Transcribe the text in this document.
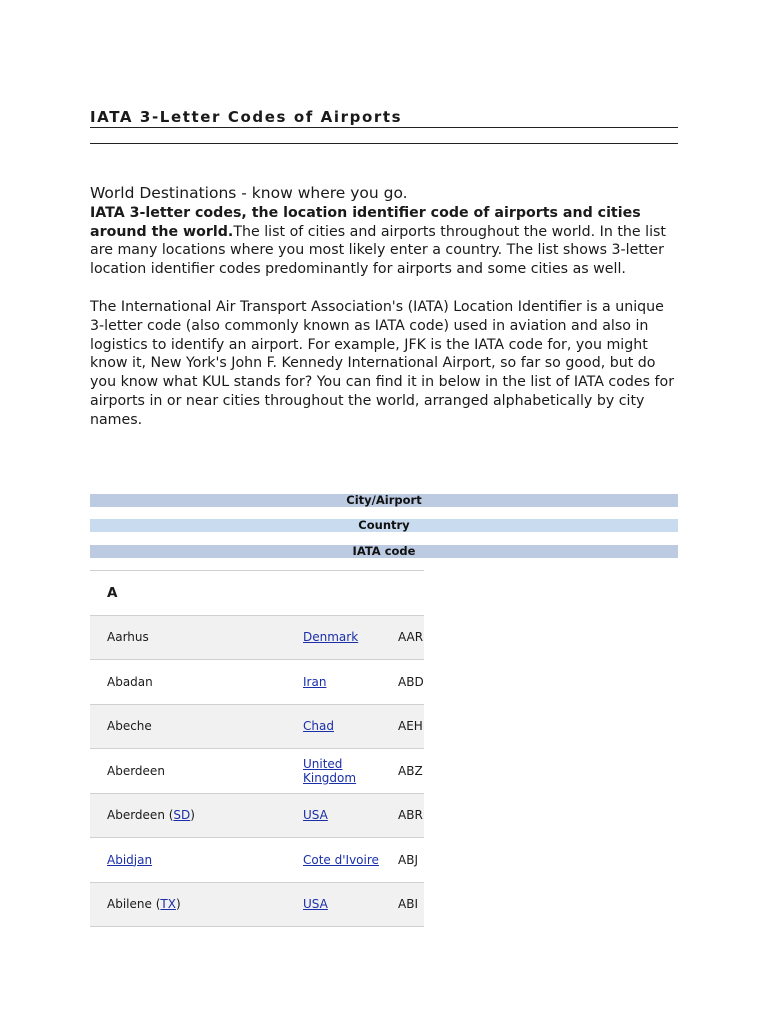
IATA 3-Letter Codes of Airports
World Destinations - know where you go.

IATA 3-letter codes, the location identifier code of airports and cities around the world.The list of cities and airports throughout the world. In the list are many locations where you most likely enter a country. The list shows 3-letter location identifier codes predominantly for airports and some cities as well.

The International Air Transport Association's (IATA) Location Identifier is a unique 3-letter code (also commonly known as IATA code) used in aviation and also in logistics to identify an airport. For example, JFK is the IATA code for, you might know it, New York's John F. Kennedy International Airport, so far so good, but do you know what KUL stands for? You can find it in below in the list of IATA codes for airports in or near cities throughout the world, arranged alphabetically by city names.

City/Airport
Country
IATA code
A		
Aarhus	Denmark	AAR
Abadan	Iran	ABD
Abeche	Chad	AEH
Aberdeen	United Kingdom	ABZ
Aberdeen (SD)	USA	ABR
Abidjan	Cote d'Ivoire	ABJ
Abilene (TX)	USA	ABI
